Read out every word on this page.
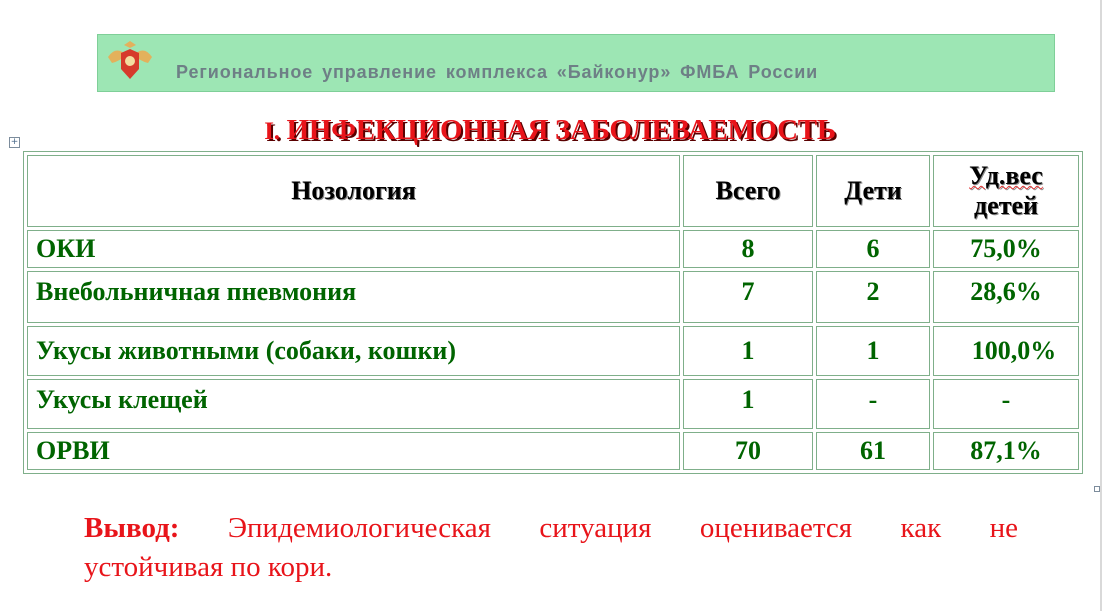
Региональное управление комплекса «Байконур» ФМБА России
I. ИНФЕКЦИОННАЯ ЗАБОЛЕВАЕМОСТЬ
+
Нозология	Всего	Дети	Уд.вес
детей
ОКИ	8	6	75,0%
Внебольничная пневмония	7	2	28,6%
Укусы животными (собаки, кошки)	1	1	100,0%
Укусы клещей	1	-	-
ОРВИ	70	61	87,1%
Вывод: Эпидемиологическая ситуация оценивается как не
устойчивая по кори.
